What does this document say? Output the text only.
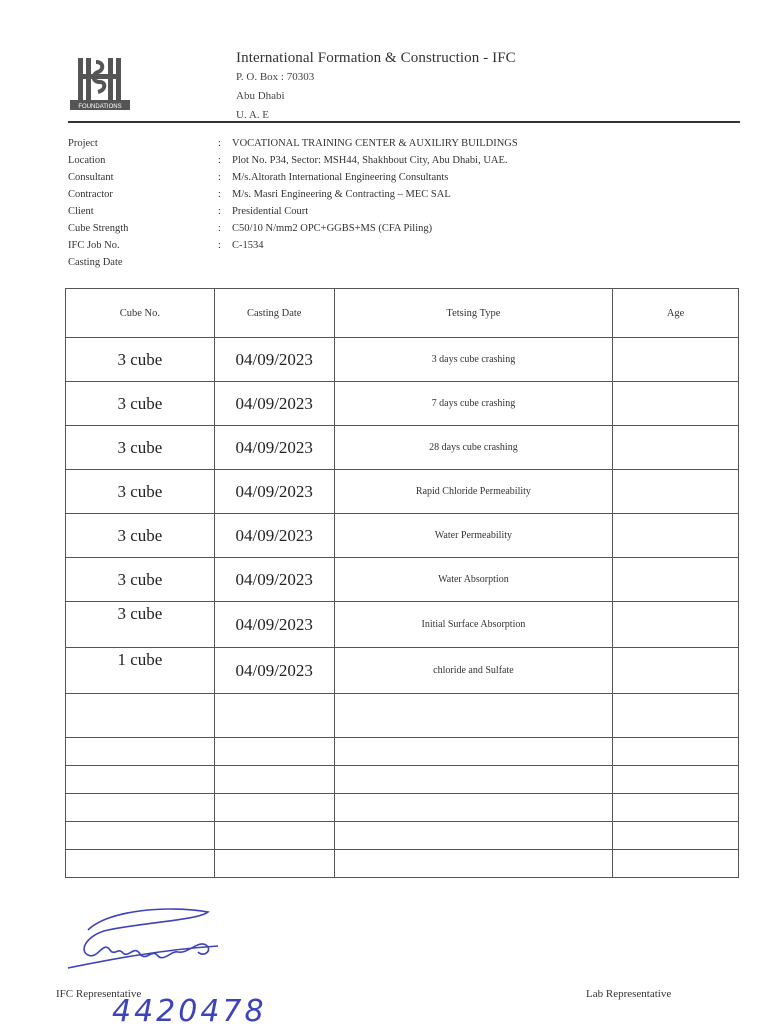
FOUNDATIONS
International Formation & Construction - IFC
P. O. Box : 70303
Abu Dhabi
U. A. E
Project	:	VOCATIONAL TRAINING CENTER & AUXILIRY BUILDINGS
Location	:	Plot No. P34, Sector: MSH44, Shakhbout City, Abu Dhabi, UAE.
Consultant	:	M/s.Altorath International Engineering Consultants
Contractor	:	M/s. Masri Engineering & Contracting – MEC SAL
Client	:	Presidential Court
Cube Strength	:	C50/10 N/mm2 OPC+GGBS+MS (CFA Piling)
IFC Job No.	:	C-1534
Casting Date
Cube No.	Casting Date	Tetsing Type	Age
3 cube	04/09/2023	3 days cube crashing	
3 cube	04/09/2023	7 days cube crashing	
3 cube	04/09/2023	28 days cube crashing	
3 cube	04/09/2023	Rapid Chloride Permeability	
3 cube	04/09/2023	Water Permeability	
3 cube	04/09/2023	Water Absorption	
3 cube	04/09/2023	Initial Surface Absorption	
1 cube	04/09/2023	chloride and Sulfate	

IFC Representative	Lab Representative
4420478
